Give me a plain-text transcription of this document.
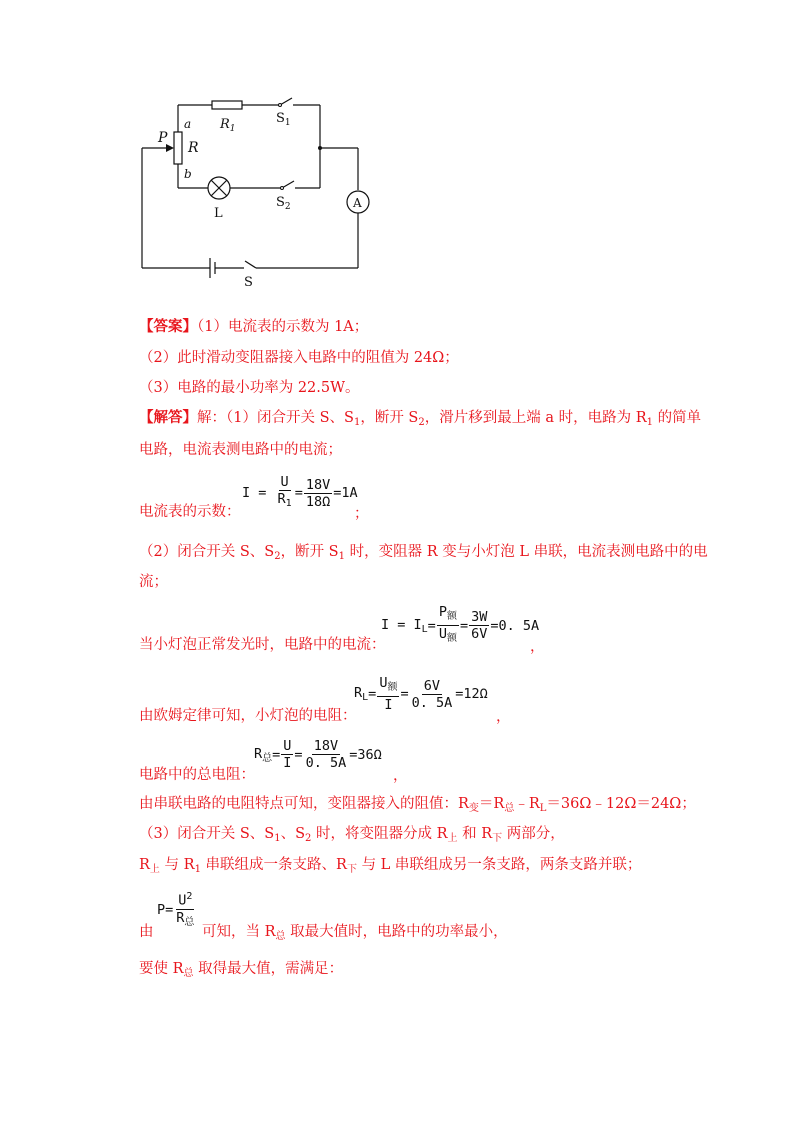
$R_1$
$S_1$
a
P
R
b
L
$S_2$	A
S
【答案】（1）电流表的示数为 1A；
（2）此时滑动变阻器接入电路中的阻值为 24Ω；
（3）电路的最小功率为 22.5W。
【解答】解：（1）闭合开关 S、$S_1$，断开 $S_2$，滑片移到最上端 a 时，电路为 $R_1$ 的简单
电路，电流表测电路中的电流；
电流表的示数：
$I = \frac{U}{R_1} = \frac{18V}{18\Omega} =1A$
；
（2）闭合开关 S、$S_2$，断开 $S_1$ 时，变阻器 R 变与小灯泡 L 串联，电流表测电路中的电
流；
当小灯泡正常发光时，电路中的电流：
$I = I_L= \frac{P_额}{U_额} = \frac{3W}{6V} =0$. 5A
，
由欧姆定律可知，小灯泡的电阻：
$R_L= \frac{U_额}{I} = \frac{6V}{0. 5A} =12\Omega$
，
电路中的总电阻：
$R_总= \frac{U}{I} = \frac{18V}{0. 5A} =36\Omega$
，
由串联电路的电阻特点可知，变阻器接入的阻值：$R_变=R_总﹣R_L=36\Omega﹣12\Omega=24\Omega$；
（3）闭合开关 S、$S_1$、$S_2$ 时，将变阻器分成 $R_上$ 和 $R_下$ 两部分，
$R_上$ 与 $R_1$ 串联组成一条支路、$R_下$ 与 L 串联组成另一条支路，两条支路并联；
$P= \frac{U^2}{R_总}$
由	可知，当 $R_总$ 取最大值时，电路中的功率最小，
要使 $R_总$ 取得最大值，需满足：
